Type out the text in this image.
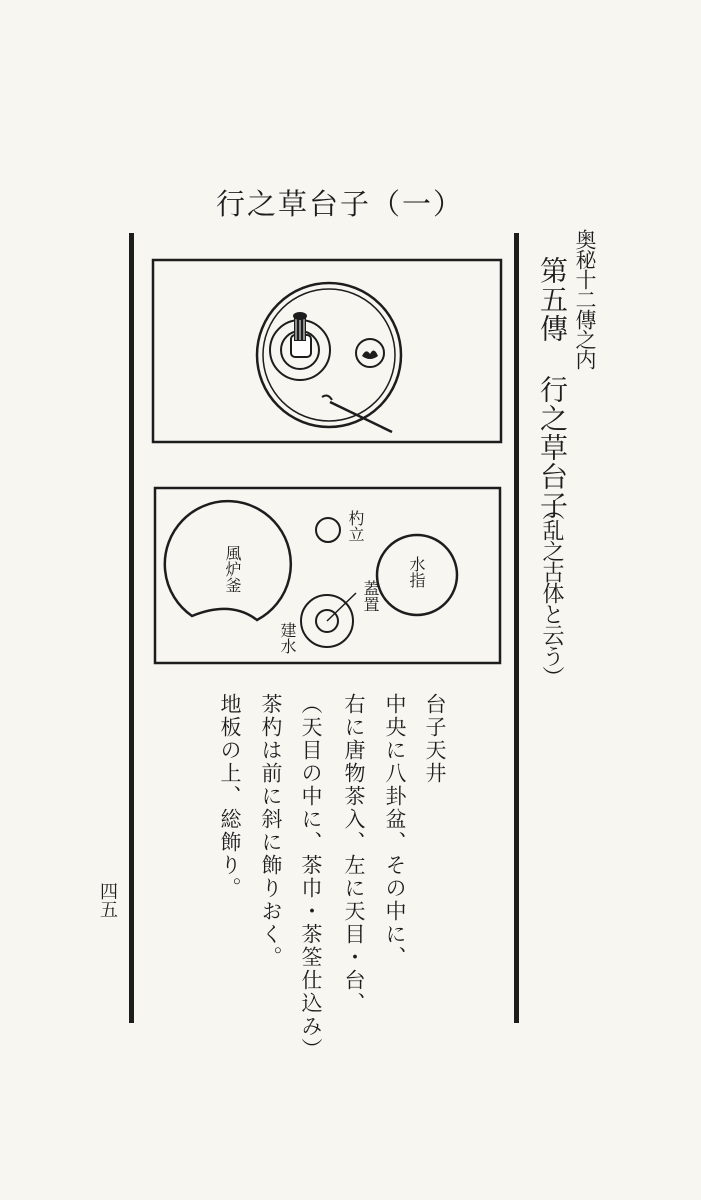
行之草台子（一）
奥秘十二傳之内
第五傳行之草台子
（乱之古体と云う）
杓立
水指
風炉釜
蓋置
建水
台子天井
中央に八卦盆、その中に、
右に唐物茶入、左に天目・台、
（天目の中に、茶巾・茶筌仕込み）
茶杓は前に斜に飾りおく。
地板の上、総飾り。
四五
